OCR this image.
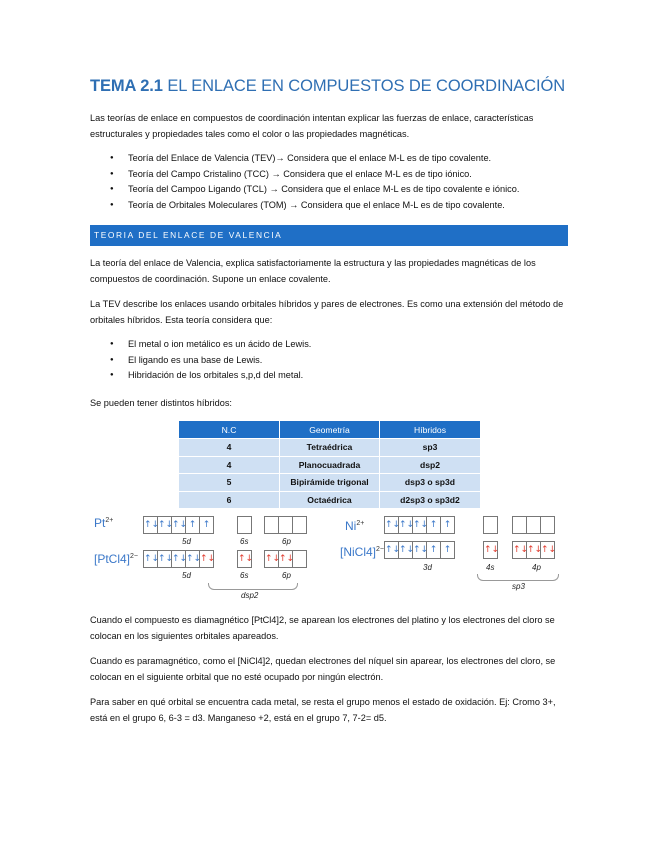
TEMA 2.1 EL ENLACE EN COMPUESTOS DE COORDINACIÓN

Las teorías de enlace en compuestos de coordinación intentan explicar las fuerzas de enlace, características estructurales y propiedades tales como el color o las propiedades magnéticas.

● Teoría del Enlace de Valencia (TEV)→ Considera que el enlace M-L es de tipo covalente.
● Teoría del Campo Cristalino (TCC) → Considera que el enlace M-L es de tipo iónico.
● Teoría del Campoo Ligando (TCL) → Considera que el enlace M-L es de tipo covalente e iónico.
● Teoría de Orbitales Moleculares (TOM) → Considera que el enlace M-L es de tipo covalente.
TEORIA DEL ENLACE DE VALENCIA

La teoría del enlace de Valencia, explica satisfactoriamente la estructura y las propiedades magnéticas de los compuestos de coordinación. Supone un enlace covalente.

La TEV describe los enlaces usando orbitales híbridos y pares de electrones. Es como una extensión del método de orbitales híbridos. Esta teoría considera que:

● El metal o ion metálico es un ácido de Lewis.
● El ligando es una base de Lewis.
● Hibridación de los orbitales s,p,d del metal.

Se pueden tener distintos híbridos:

N.C	Geometría	Híbridos
4	Tetraédrica	sp3
4	Planocuadrada	dsp2
5	Bipirámide trigonal	dsp3 o sp3d
6	Octaédrica	d2sp3 o sp3d2
$Pt^{2+}$	↑↓
↑↓
↑↓ ↑ ↑
5d	6s	6p
[PtCl4]$^{2-}$ ↑↓
↑↓
↑↓
↑↓
↑↓	↑↓ ↑↓
↑↓
5d	6s	6p
dsp2
$Ni^{2+}$ ↑↓
↑↓
↑↓ ↑ ↑
[NiCl4]$^{2-}$ ↑↓
↑↓
↑↓ ↑ ↑	↑↓ ↑↓
↑↓
↑↓
3d	4s	4p
sp3

Cuando el compuesto es diamagnético [PtCl4]2, se aparean los electrones del platino y los electrones del cloro se colocan en los siguientes orbitales apareados.

Cuando es paramagnético, como el [NiCl4]2, quedan electrones del níquel sin aparear, los electrones del cloro, se colocan en el siguiente orbital que no esté ocupado por ningún electrón.

Para saber en qué orbital se encuentra cada metal, se resta el grupo menos el estado de oxidación. Ej: Cromo 3+, está en el grupo 6, 6-3 = d3. Manganeso +2, está en el grupo 7, 7-2= d5.
